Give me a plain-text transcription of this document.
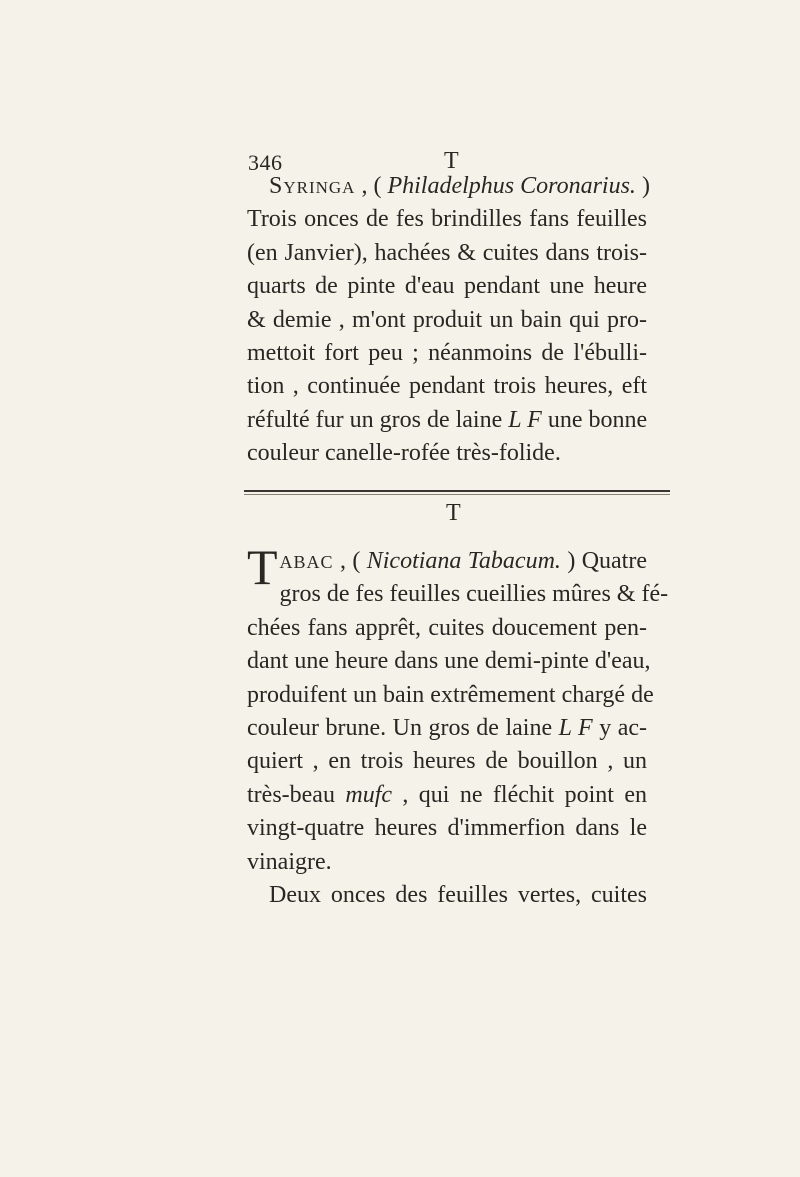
346	T
Syringa , ( Philadelphus Coronarius. )
Trois onces de fes brindilles fans feuilles
(en Janvier), hachées & cuites dans trois-
quarts de pinte d'eau pendant une heure
& demie , m'ont produit un bain qui pro-
mettoit fort peu ; néanmoins de l'ébulli-
tion , continuée pendant trois heures, eft
réfulté fur un gros de laine L F une bonne
couleur canelle-rofée très-folide.
T
TABAC , ( Nicotiana Tabacum. ) Quatre
gros de fes feuilles cueillies mûres & fé-
chées fans apprêt, cuites doucement pen-
dant une heure dans une demi-pinte d'eau,
produifent un bain extrêmement chargé de
couleur brune. Un gros de laine L F y ac-
quiert , en trois heures de bouillon , un
très-beau mufc , qui ne fléchit point en
vingt-quatre heures d'immerfion dans le
vinaigre.
Deux onces des feuilles vertes, cuites
